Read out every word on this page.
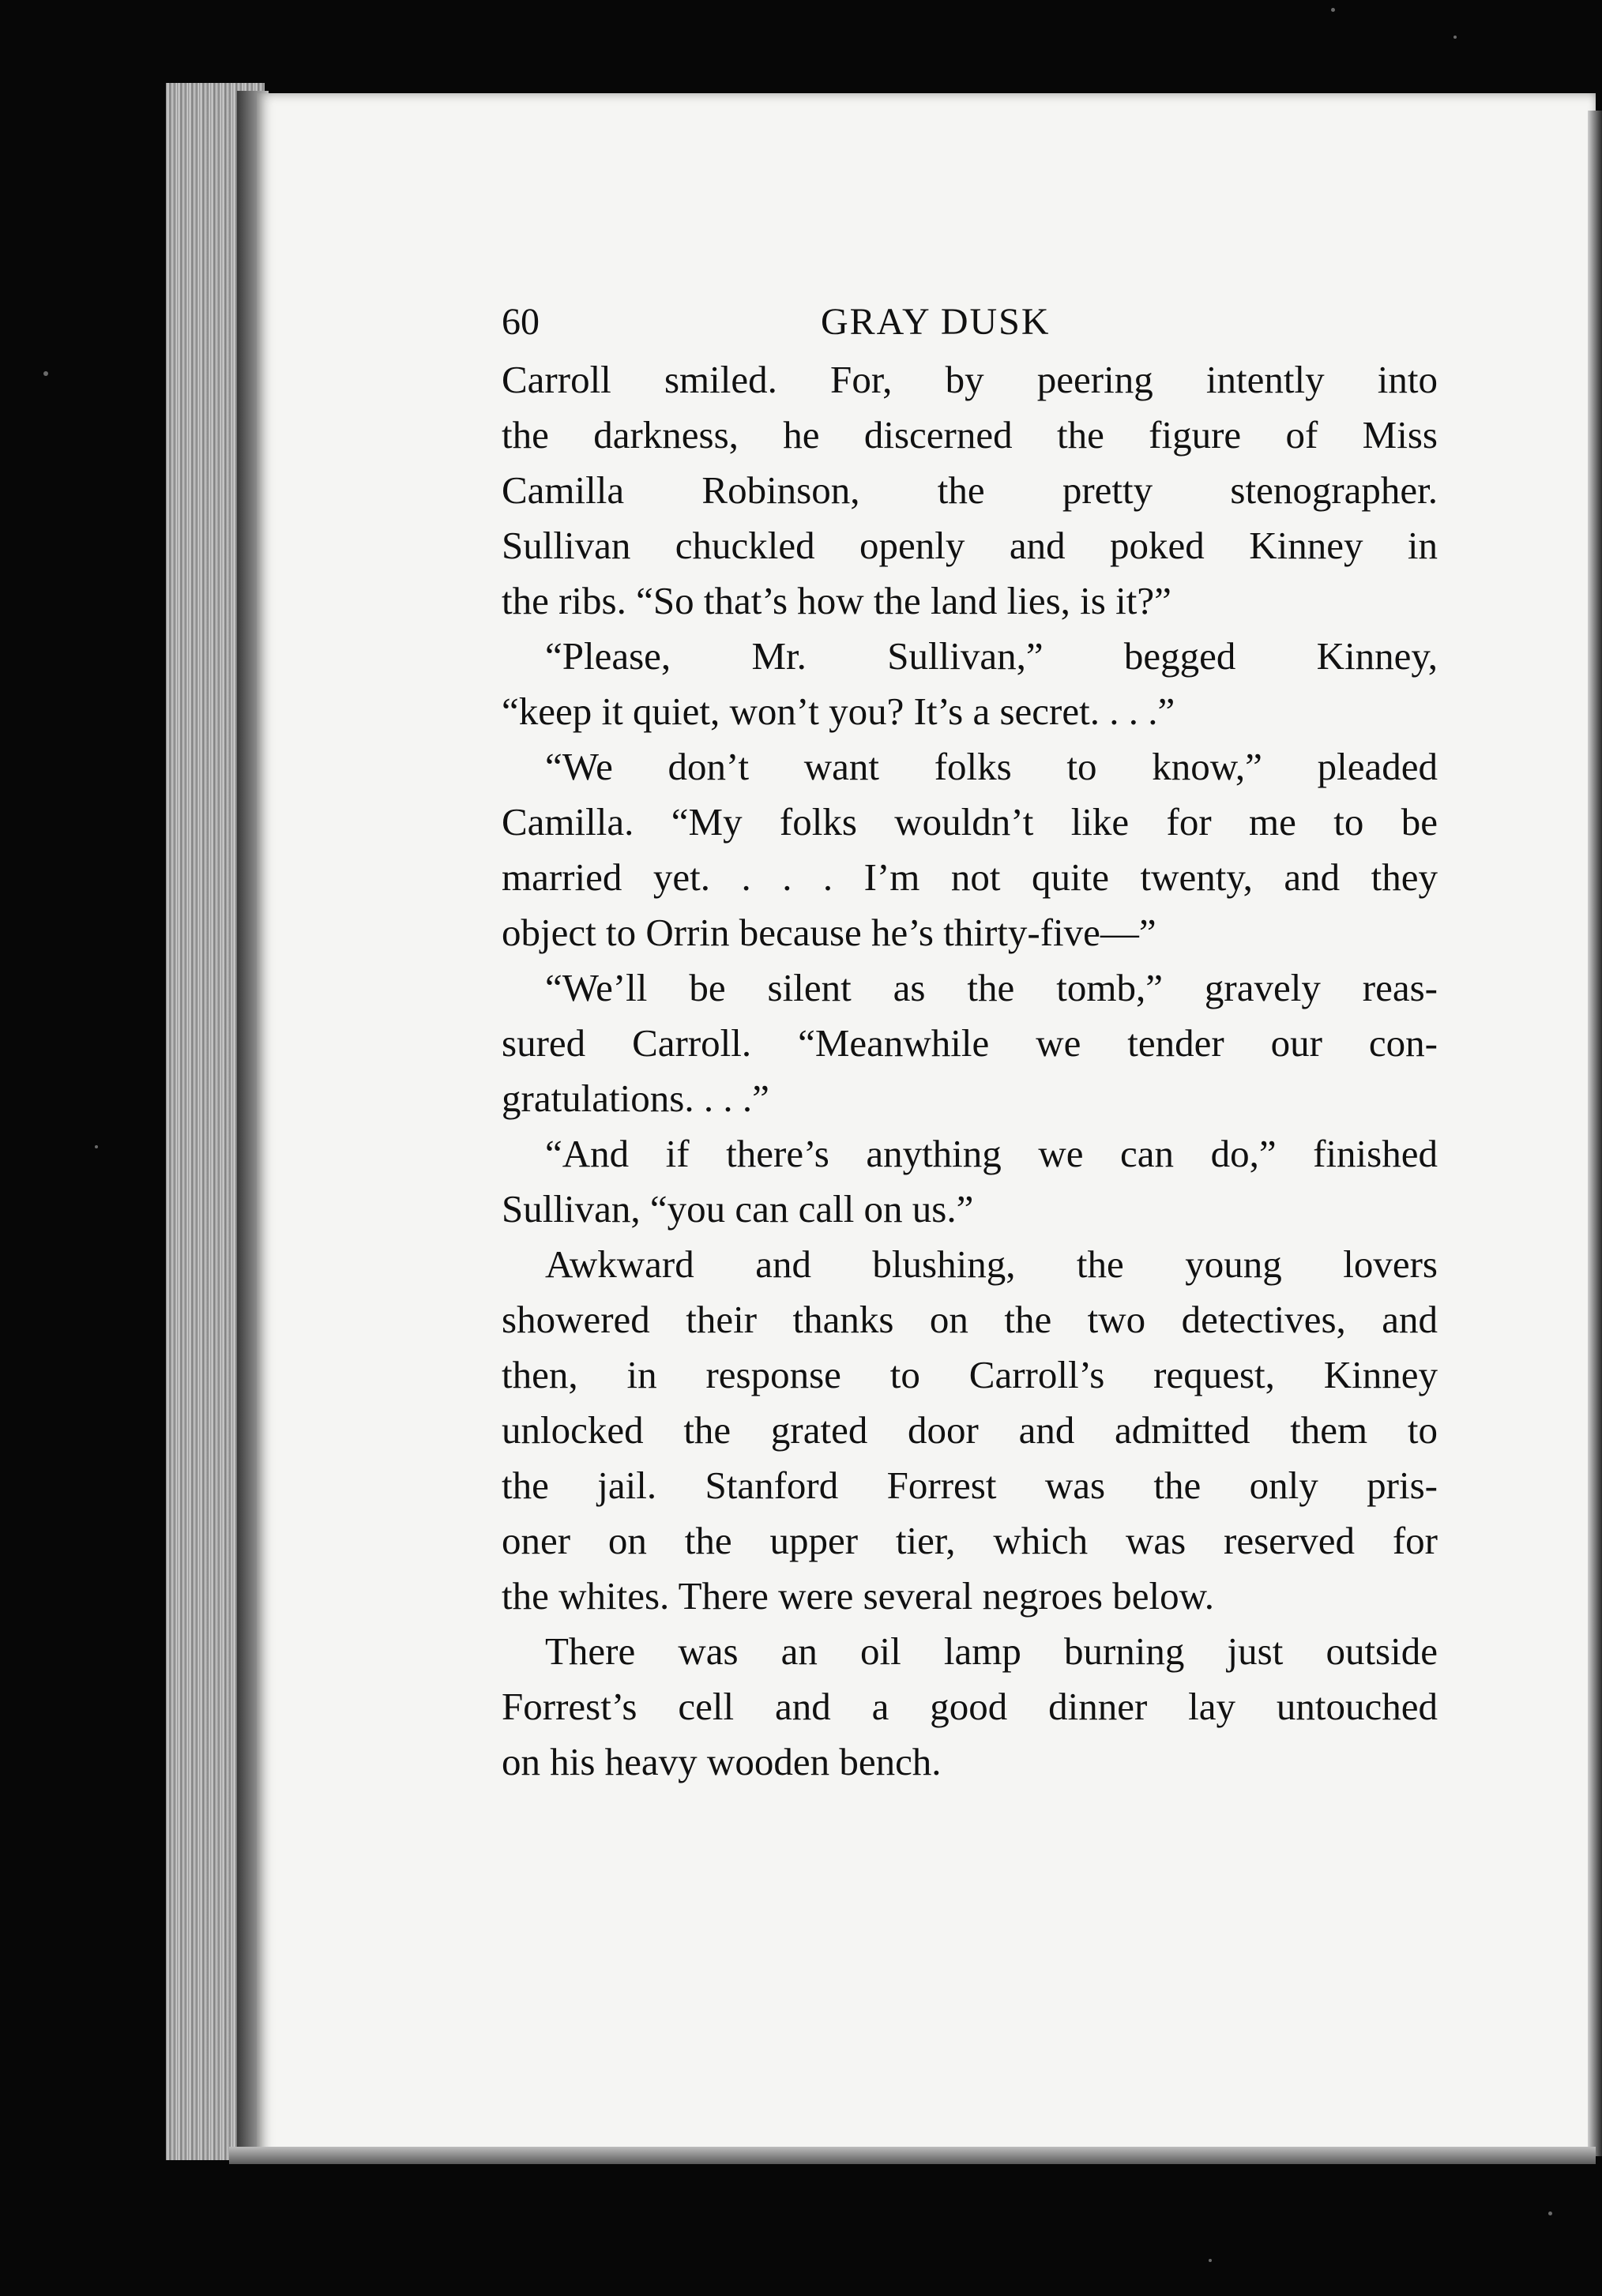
60	GRAY DUSK
Carroll smiled. For, by peering intently into
the darkness, he discerned the figure of Miss
Camilla Robinson, the pretty stenographer.
Sullivan chuckled openly and poked Kinney in
the ribs. “So that’s how the land lies, is it?”
“Please, Mr. Sullivan,” begged Kinney,
“keep it quiet, won’t you? It’s a secret. . . .”
“We don’t want folks to know,” pleaded
Camilla. “My folks wouldn’t like for me to be
married yet. . . . I’m not quite twenty, and they
object to Orrin because he’s thirty-five—”
“We’ll be silent as the tomb,” gravely reas-
sured Carroll. “Meanwhile we tender our con-
gratulations. . . .”
“And if there’s anything we can do,” finished
Sullivan, “you can call on us.”
Awkward and blushing, the young lovers
showered their thanks on the two detectives, and
then, in response to Carroll’s request, Kinney
unlocked the grated door and admitted them to
the jail. Stanford Forrest was the only pris-
oner on the upper tier, which was reserved for
the whites. There were several negroes below.
There was an oil lamp burning just outside
Forrest’s cell and a good dinner lay untouched
on his heavy wooden bench.
